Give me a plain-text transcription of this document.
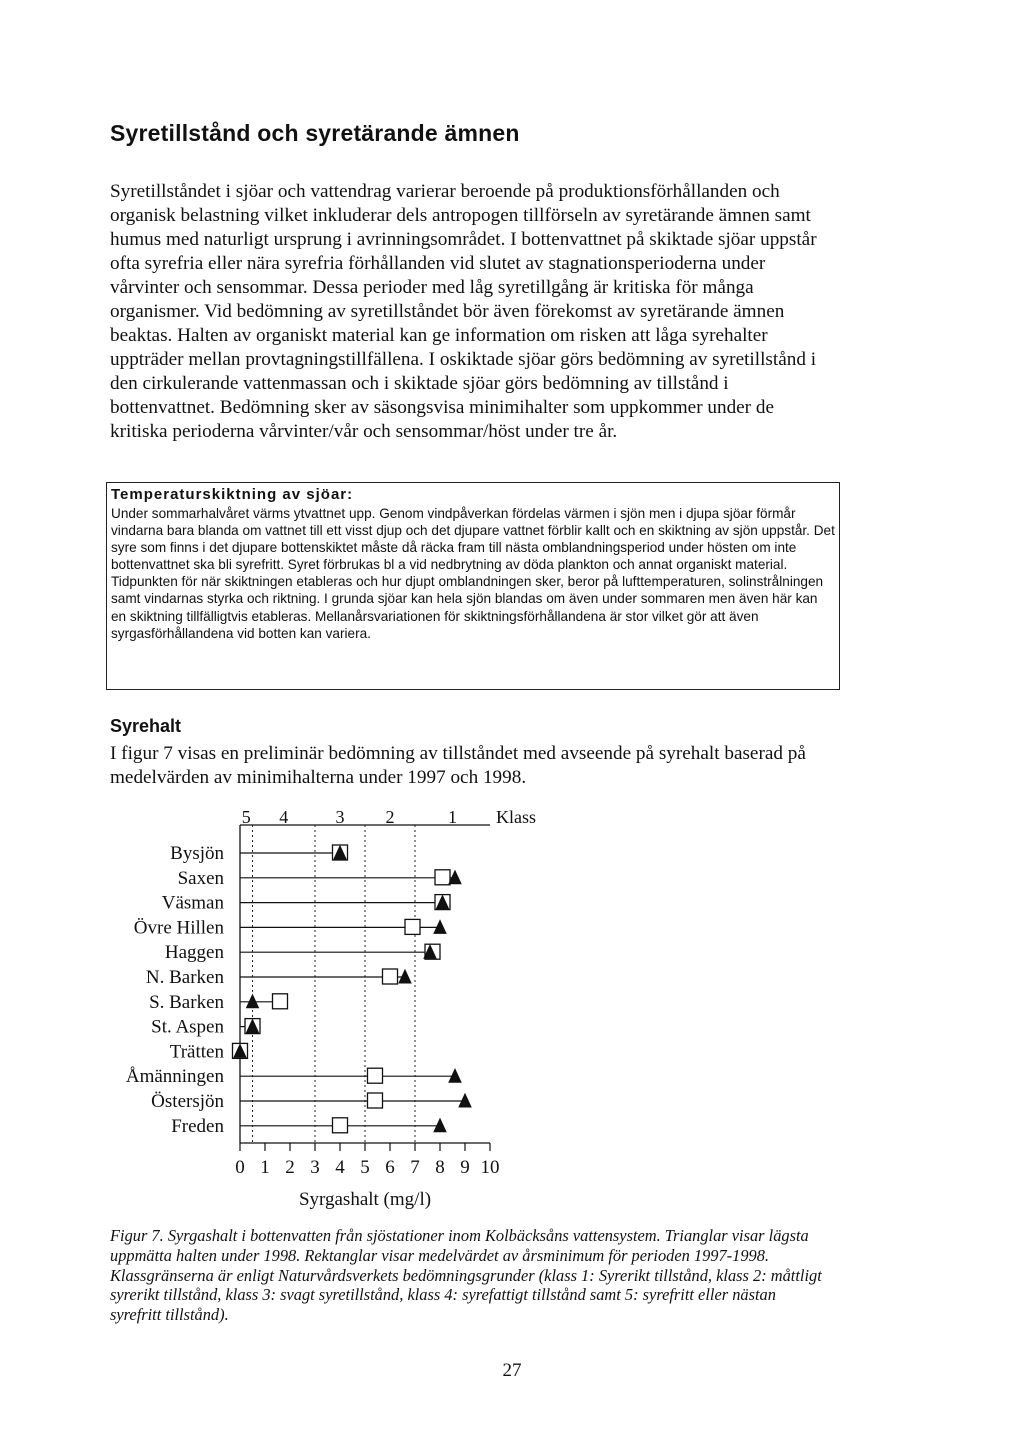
Syretillstånd och syretärande ämnen
Syretillståndet i sjöar och vattendrag varierar beroende på produktionsförhållanden och organisk belastning vilket inkluderar dels antropogen tillförseln av syretärande ämnen samt humus med naturligt ursprung i avrinningsområdet. I bottenvattnet på skiktade sjöar uppstår ofta syrefria eller nära syrefria förhållanden vid slutet av stagnationsperioderna under vårvinter och sensommar. Dessa perioder med låg syretillgång är kritiska för många organismer. Vid bedömning av syretillståndet bör även förekomst av syretärande ämnen beaktas. Halten av organiskt material kan ge information om risken att låga syrehalter uppträder mellan provtagningstillfällena. I oskiktade sjöar görs bedömning av syretillstånd i den cirkulerande vattenmassan och i skiktade sjöar görs bedömning av tillstånd i bottenvattnet. Bedömning sker av säsongsvisa minimihalter som uppkommer under de kritiska perioderna vårvinter/vår och sensommar/höst under tre år.
Temperaturskiktning av sjöar:
Under sommarhalvåret värms ytvattnet upp. Genom vindpåverkan fördelas värmen i sjön men i djupa sjöar förmår vindarna bara blanda om vattnet till ett visst djup och det djupare vattnet förblir kallt och en skiktning av sjön uppstår. Det syre som finns i det djupare bottenskiktet måste då räcka fram till nästa omblandningsperiod under hösten om inte bottenvattnet ska bli syrefritt. Syret förbrukas bl a vid nedbrytning av döda plankton och annat organiskt material. Tidpunkten för när skiktningen etableras och hur djupt omblandningen sker, beror på lufttemperaturen, solinstrålningen samt vindarnas styrka och riktning. I grunda sjöar kan hela sjön blandas om även under sommaren men även här kan en skiktning tillfälligtvis etableras. Mellanårsvariationen för skiktningsförhållandena är stor vilket gör att även syrgasförhållandena vid botten kan variera.
Syrehalt
I figur 7 visas en preliminär bedömning av tillståndet med avseende på syrehalt baserad på medelvärden av minimihalterna under 1997 och 1998.
5 4	3 2	1 Klass
0 1 2 3 4 5 6 7 8 9 10
Syrgashalt (mg/l)
Bysjön
Saxen
Väsman
Övre Hillen
Haggen
N. Barken
S. Barken
St. Aspen
Trätten
Åmänningen
Östersjön
Freden
Figur 7. Syrgashalt i bottenvatten från sjöstationer inom Kolbäcksåns vattensystem. Trianglar visar lägsta uppmätta halten under 1998. Rektanglar visar medelvärdet av årsminimum för perioden 1997-1998. Klassgränserna är enligt Naturvårdsverkets bedömningsgrunder (klass 1: Syrerikt tillstånd, klass 2: måttligt syrerikt tillstånd, klass 3: svagt syretillstånd, klass 4: syrefattigt tillstånd samt 5: syrefritt eller nästan syrefritt tillstånd).
27
